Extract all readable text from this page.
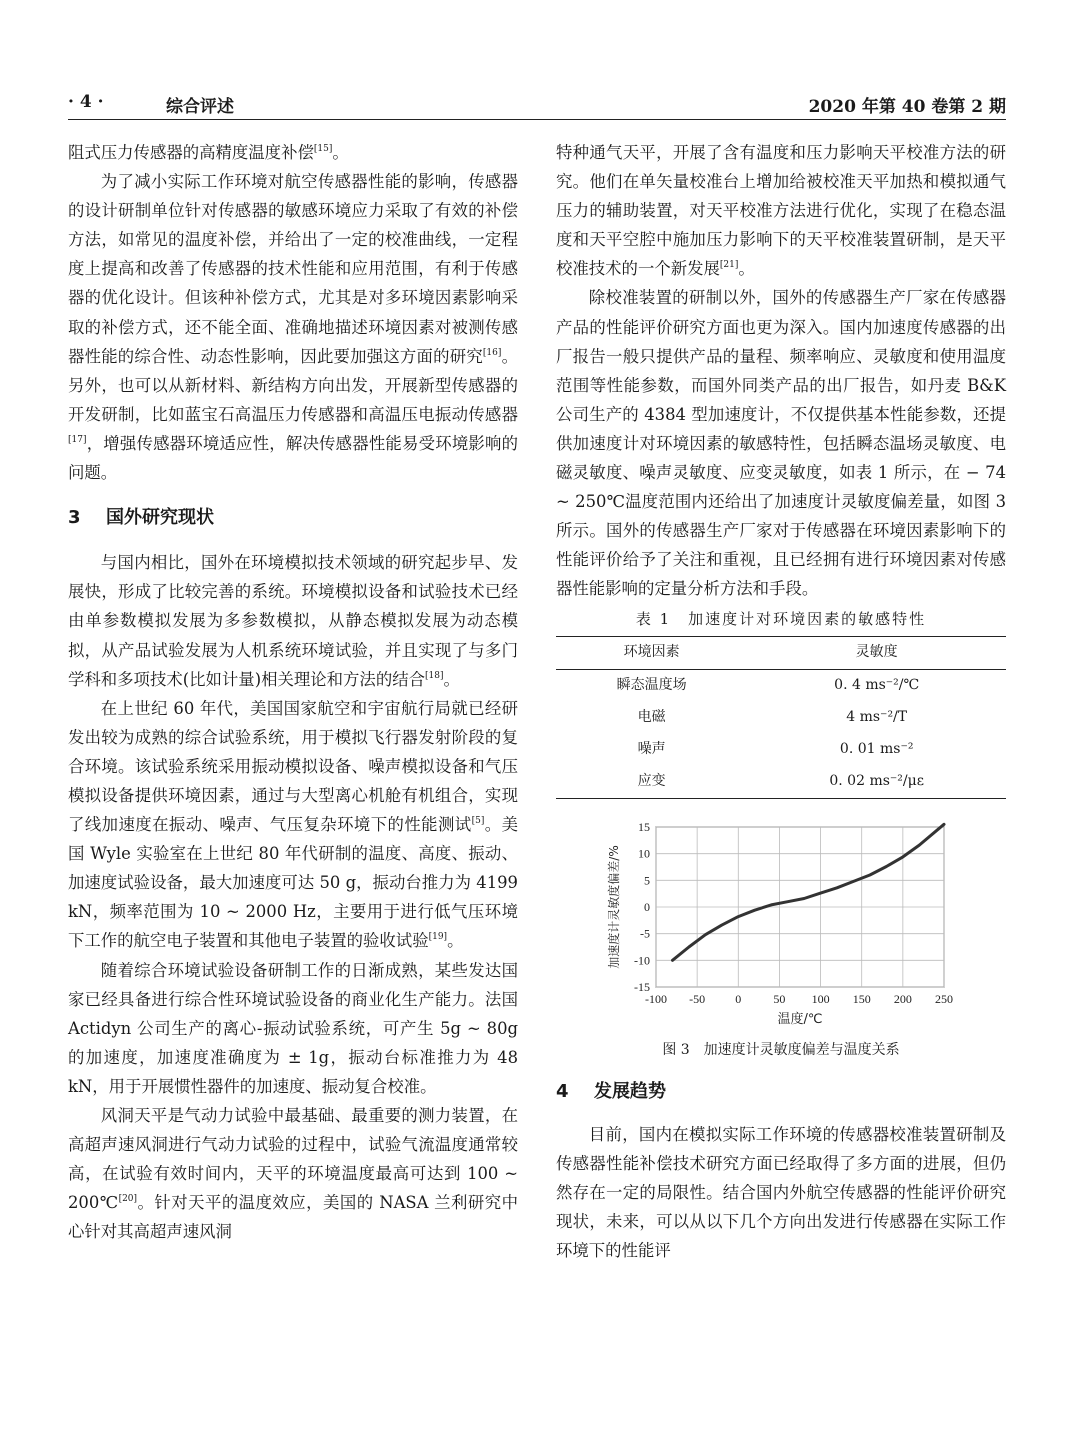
· 4 ·	综合评述	2020 年第 40 卷第 2 期

阻式压力传感器的高精度温度补偿[15]。

为了减小实际工作环境对航空传感器性能的影响，传感器的设计研制单位针对传感器的敏感环境应力采取了有效的补偿方法，如常见的温度补偿，并给出了一定的校准曲线，一定程度上提高和改善了传感器的技术性能和应用范围，有利于传感器的优化设计。但该种补偿方式，尤其是对多环境因素影响采取的补偿方式，还不能全面、准确地描述环境因素对被测传感器性能的综合性、动态性影响，因此要加强这方面的研究[16]。另外，也可以从新材料、新结构方向出发，开展新型传感器的开发研制，比如蓝宝石高温压力传感器和高温压电振动传感器[17]，增强传感器环境适应性，解决传感器性能易受环境影响的问题。

3 国外研究现状

与国内相比，国外在环境模拟技术领域的研究起步早、发展快，形成了比较完善的系统。环境模拟设备和试验技术已经由单参数模拟发展为多参数模拟，从静态模拟发展为动态模拟，从产品试验发展为人机系统环境试验，并且实现了与多门学科和多项技术(比如计量)相关理论和方法的结合[18]。

在上世纪 60 年代，美国国家航空和宇宙航行局就已经研发出较为成熟的综合试验系统，用于模拟飞行器发射阶段的复合环境。该试验系统采用振动模拟设备、噪声模拟设备和气压模拟设备提供环境因素，通过与大型离心机舱有机组合，实现了线加速度在振动、噪声、气压复杂环境下的性能测试[5]。美国 Wyle 实验室在上世纪 80 年代研制的温度、高度、振动、加速度试验设备，最大加速度可达 50 g，振动台推力为 4199 kN，频率范围为 10 ~ 2000 Hz，主要用于进行低气压环境下工作的航空电子装置和其他电子装置的验收试验[19]。

随着综合环境试验设备研制工作的日渐成熟，某些发达国家已经具备进行综合性环境试验设备的商业化生产能力。法国 Actidyn 公司生产的离心-振动试验系统，可产生 5g ~ 80g 的加速度，加速度准确度为 ± 1g，振动台标准推力为 48 kN，用于开展惯性器件的加速度、振动复合校准。

风洞天平是气动力试验中最基础、最重要的测力装置，在高超声速风洞进行气动力试验的过程中，试验气流温度通常较高，在试验有效时间内，天平的环境温度最高可达到 100 ~ 200℃[20]。针对天平的温度效应，美国的 NASA 兰利研究中心针对其高超声速风洞

特种通气天平，开展了含有温度和压力影响天平校准方法的研究。他们在单矢量校准台上增加给被校准天平加热和模拟通气压力的辅助装置，对天平校准方法进行优化，实现了在稳态温度和天平空腔中施加压力影响下的天平校准装置研制，是天平校准技术的一个新发展[21]。

除校准装置的研制以外，国外的传感器生产厂家在传感器产品的性能评价研究方面也更为深入。国内加速度传感器的出厂报告一般只提供产品的量程、频率响应、灵敏度和使用温度范围等性能参数，而国外同类产品的出厂报告，如丹麦 B&K 公司生产的 4384 型加速度计，不仅提供基本性能参数，还提供加速度计对环境因素的敏感特性，包括瞬态温场灵敏度、电磁灵敏度、噪声灵敏度、应变灵敏度，如表 1 所示，在 − 74 ~ 250℃温度范围内还给出了加速度计灵敏度偏差量，如图 3 所示。国外的传感器生产厂家对于传感器在环境因素影响下的性能评价给予了关注和重视，且已经拥有进行环境因素对传感器性能影响的定量分析方法和手段。

表 1　加速度计对环境因素的敏感特性
环境因素	灵敏度
瞬态温度场	0. 4 ms⁻²/℃
电磁	4 ms⁻²/T
噪声	0. 01 ms⁻²
应变	0. 02 ms⁻²/με
-100 -50	0	50 100 150 200 250
15
10
5
0
-5
-10
-15
温度/℃
加速度计灵敏度偏差/%
图 3　加速度计灵敏度偏差与温度关系
4 发展趋势

目前，国内在模拟实际工作环境的传感器校准装置研制及传感器性能补偿技术研究方面已经取得了多方面的进展，但仍然存在一定的局限性。结合国内外航空传感器的性能评价研究现状，未来，可以从以下几个方向出发进行传感器在实际工作环境下的性能评
